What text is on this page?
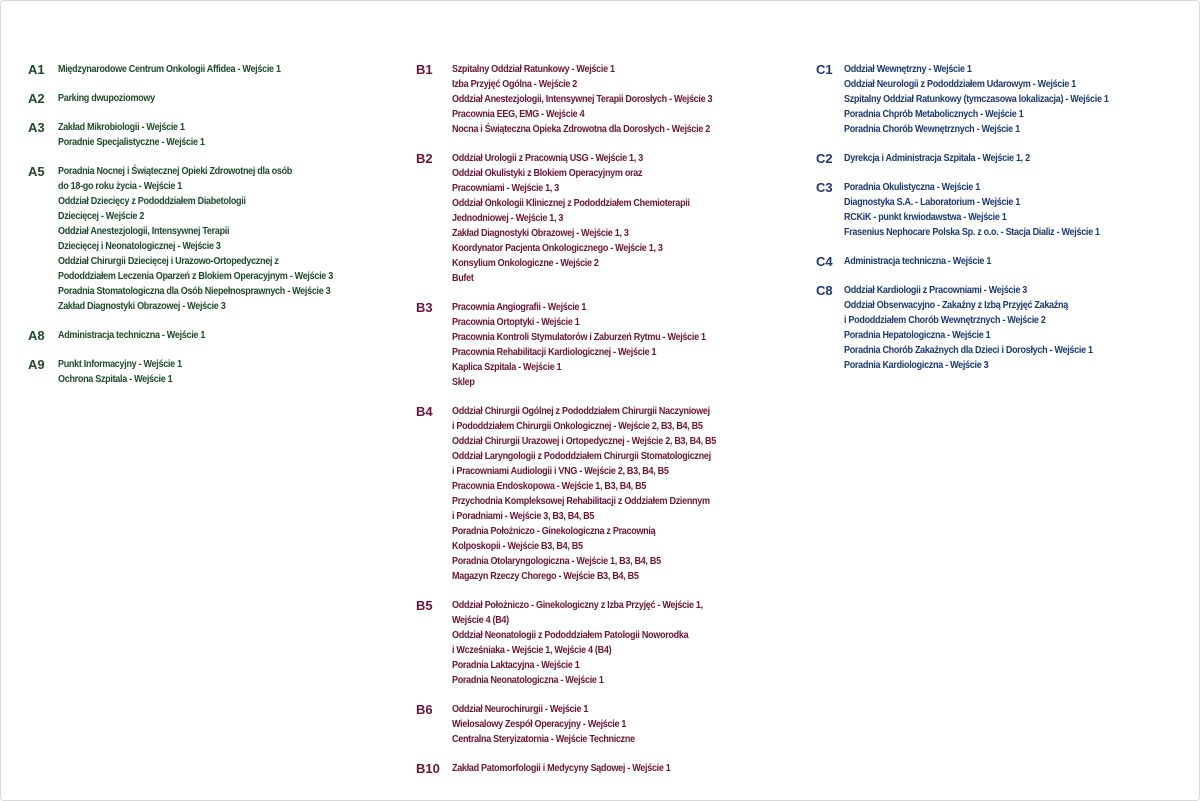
A1	Międzynarodowe Centrum Onkologii Affidea - Wejście 1
A2	Parking dwupoziomowy
A3	Zakład Mikrobiologii - Wejście 1
Poradnie Specjalistyczne - Wejście 1
A5	Poradnia Nocnej i Świątecznej Opieki Zdrowotnej dla osób
do 18-go roku życia - Wejście 1
Oddział Dziecięcy z Pododdziałem Diabetologii
Dziecięcej - Wejście 2
Oddział Anestezjologii, Intensywnej Terapii
Dziecięcej i Neonatologicznej - Wejście 3
Oddział Chirurgii Dziecięcej i Urazowo-Ortopedycznej z
Pododdziałem Leczenia Oparzeń z Blokiem Operacyjnym - Wejście 3
Poradnia Stomatologiczna dla Osób Niepełnosprawnych - Wejście 3
Zakład Diagnostyki Obrazowej - Wejście 3
A8	Administracja techniczna - Wejście 1
A9	Punkt Informacyjny - Wejście 1
Ochrona Szpitala - Wejście 1
B1	Szpitalny Oddział Ratunkowy - Wejście 1
Izba Przyjęć Ogólna - Wejście 2
Oddział Anestezjologii, Intensywnej Terapii Dorosłych - Wejście 3
Pracownia EEG, EMG - Wejście 4
Nocna i Świąteczna Opieka Zdrowotna dla Dorosłych - Wejście 2
B2	Oddział Urologii z Pracownią USG - Wejście 1, 3
Oddział Okulistyki z Blokiem Operacyjnym oraz
Pracowniami - Wejście 1, 3
Oddział Onkologii Klinicznej z Pododdziałem Chemioterapii
Jednodniowej - Wejście 1, 3
Zakład Diagnostyki Obrazowej - Wejście 1, 3
Koordynator Pacjenta Onkologicznego - Wejście 1, 3
Konsylium Onkologiczne - Wejście 2
Bufet
B3	Pracownia Angiografii - Wejście 1
Pracownia Ortoptyki - Wejście 1
Pracownia Kontroli Stymulatorów i Zaburzeń Rytmu - Wejście 1
Pracownia Rehabilitacji Kardiologicznej - Wejście 1
Kaplica Szpitala - Wejście 1
Sklep
B4	Oddział Chirurgii Ogólnej z Pododdziałem Chirurgii Naczyniowej
i Pododdziałem Chirurgii Onkologicznej - Wejście 2, B3, B4, B5
Oddział Chirurgii Urazowej i Ortopedycznej - Wejście 2, B3, B4, B5
Oddział Laryngologii z Pododdziałem Chirurgii Stomatologicznej
i Pracowniami Audiologii i VNG - Wejście 2, B3, B4, B5
Pracownia Endoskopowa - Wejście 1, B3, B4, B5
Przychodnia Kompleksowej Rehabilitacji z Oddziałem Dziennym
i Poradniami - Wejście 3, B3, B4, B5
Poradnia Położniczo - Ginekologiczna z Pracownią
Kolposkopii - Wejście B3, B4, B5
Poradnia Otolaryngologiczna - Wejście 1, B3, B4, B5
Magazyn Rzeczy Chorego - Wejście B3, B4, B5
B5	Oddział Położniczo - Ginekologiczny z Izba Przyjęć - Wejście 1,
Wejście 4 (B4)
Oddział Neonatologii z Pododdziałem Patologii Noworodka
i Wcześniaka - Wejście 1, Wejście 4 (B4)
Poradnia Laktacyjna - Wejście 1
Poradnia Neonatologiczna - Wejście 1
B6	Oddział Neurochirurgii - Wejście 1
Wielosalowy Zespół Operacyjny - Wejście 1
Centralna Steryizatornia - Wejście Techniczne
B10	Zakład Patomorfologii i Medycyny Sądowej - Wejście 1
C1	Oddział Wewnętrzny - Wejście 1
Oddział Neurologii z Pododdziałem Udarowym - Wejście 1
Szpitalny Oddział Ratunkowy (tymczasowa lokalizacja) - Wejście 1
Poradnia Chprób Metabolicznych - Wejście 1
Poradnia Chorób Wewnętrznych - Wejście 1
C2	Dyrekcja i Administracja Szpitala - Wejście 1, 2
C3	Poradnia Okulistyczna - Wejście 1
Diagnostyka S.A. - Laboratorium - Wejście 1
RCKiK - punkt krwiodawstwa - Wejście 1
Frasenius Nephocare Polska Sp. z o.o. - Stacja Dializ - Wejście 1
C4	Administracja techniczna - Wejście 1
C8	Oddział Kardiologii z Pracowniami - Wejście 3
Oddział Obserwacyjno - Zakaźny z Izbą Przyjęć Zakaźną
i Pododdziałem Chorób Wewnętrznych - Wejście 2
Poradnia Hepatologiczna - Wejście 1
Poradnia Chorób Zakaźnych dla Dzieci i Dorosłych - Wejście 1
Poradnia Kardiologiczna - Wejście 3
